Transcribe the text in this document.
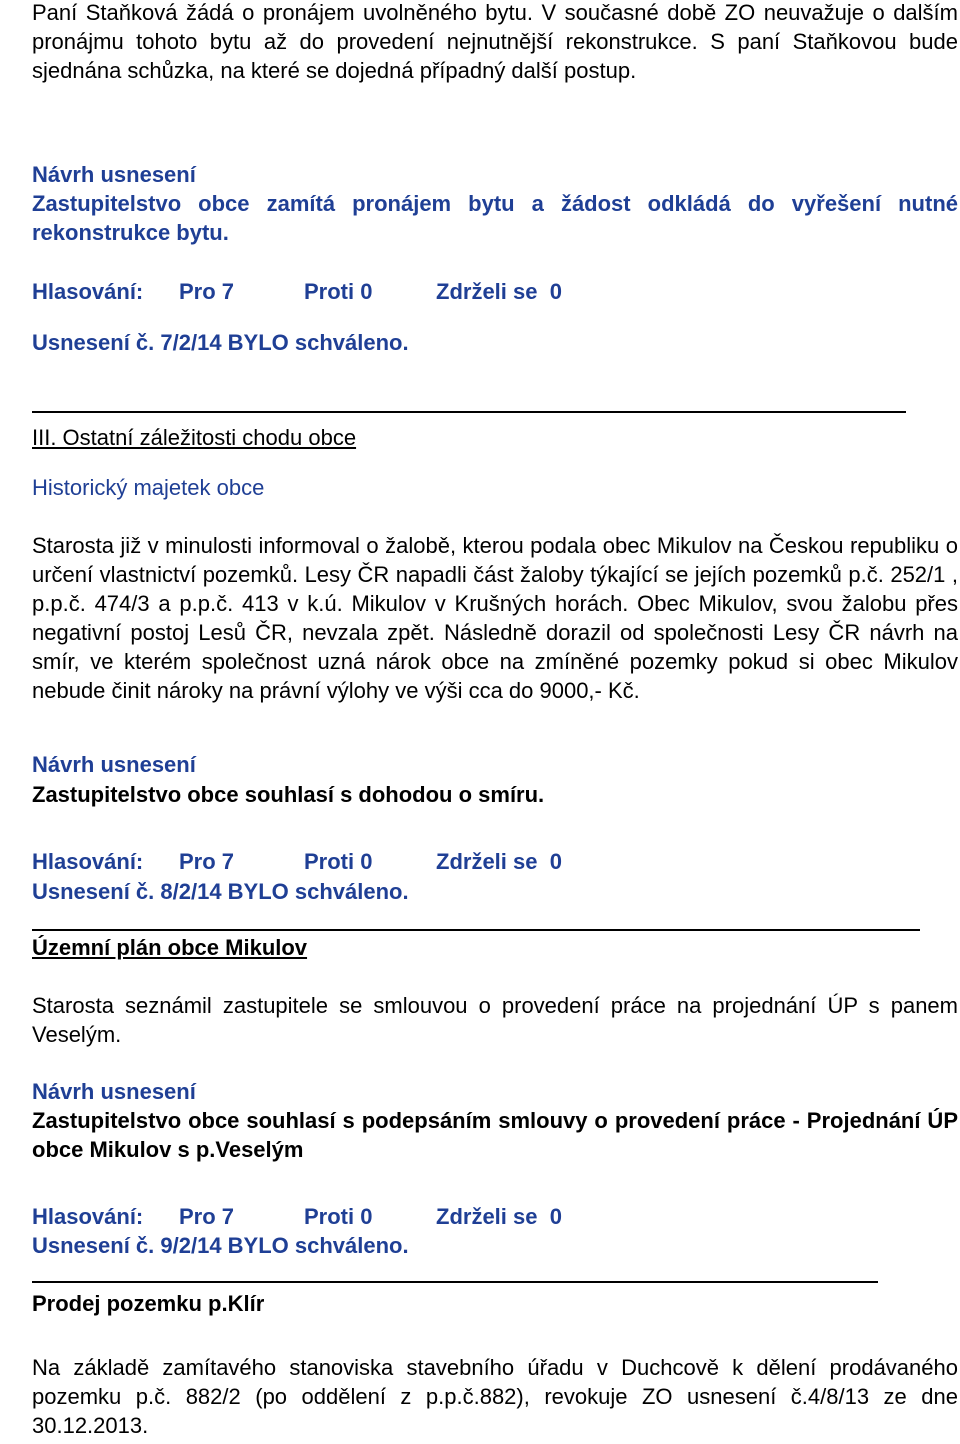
Paní Staňková žádá o pronájem uvolněného bytu. V současné době ZO neuvažuje o dalším pronájmu tohoto bytu až do provedení nejnutnější rekonstrukce. S paní Staňkovou bude sjednána schůzka, na které se dojedná případný další postup.

Návrh usnesení

Zastupitelstvo obce zamítá pronájem bytu a žádost odkládá do vyřešení nutné rekonstrukce bytu.

Hlasování:

Pro 7

	Proti 0

	Zdrželi se  0

Usnesení č. 7/2/14 BYLO schváleno.
III. Ostatní záležitosti chodu obce
Historický majetek obce

Starosta již v minulosti informoval o žalobě, kterou podala obec Mikulov na Českou republiku o určení vlastnictví pozemků. Lesy ČR napadli část žaloby týkající se jejích pozemků p.č. 252/1 , p.p.č. 474/3 a p.p.č. 413 v k.ú. Mikulov v Krušných horách. Obec Mikulov, svou žalobu přes negativní postoj Lesů ČR, nevzala zpět. Následně dorazil od společnosti Lesy ČR návrh na smír, ve kterém společnost uzná nárok obce na zmíněné pozemky pokud si obec Mikulov nebude činit nároky na právní výlohy ve výši cca do 9000,- Kč.

Návrh usnesení

Zastupitelstvo obce souhlasí s dohodou o smíru.

Hlasování:

Pro 7

	Proti 0

	Zdrželi se  0

Usnesení č. 8/2/14 BYLO schváleno.
Územní plán obce Mikulov

Starosta seznámil zastupitele se smlouvou o provedení práce na projednání ÚP s panem Veselým.

Návrh usnesení

Zastupitelstvo obce souhlasí s podepsáním smlouvy o provedení práce - Projednání ÚP obce Mikulov s p.Veselým

Hlasování:

Pro 7

	Proti 0

	Zdrželi se  0

Usnesení č. 9/2/14 BYLO schváleno.
Prodej pozemku p.Klír

Na základě zamítavého stanoviska stavebního úřadu v Duchcově k dělení prodávaného pozemku p.č. 882/2 (po oddělení z p.p.č.882), revokuje ZO usnesení č.4/8/13 ze dne 30.12.2013.
